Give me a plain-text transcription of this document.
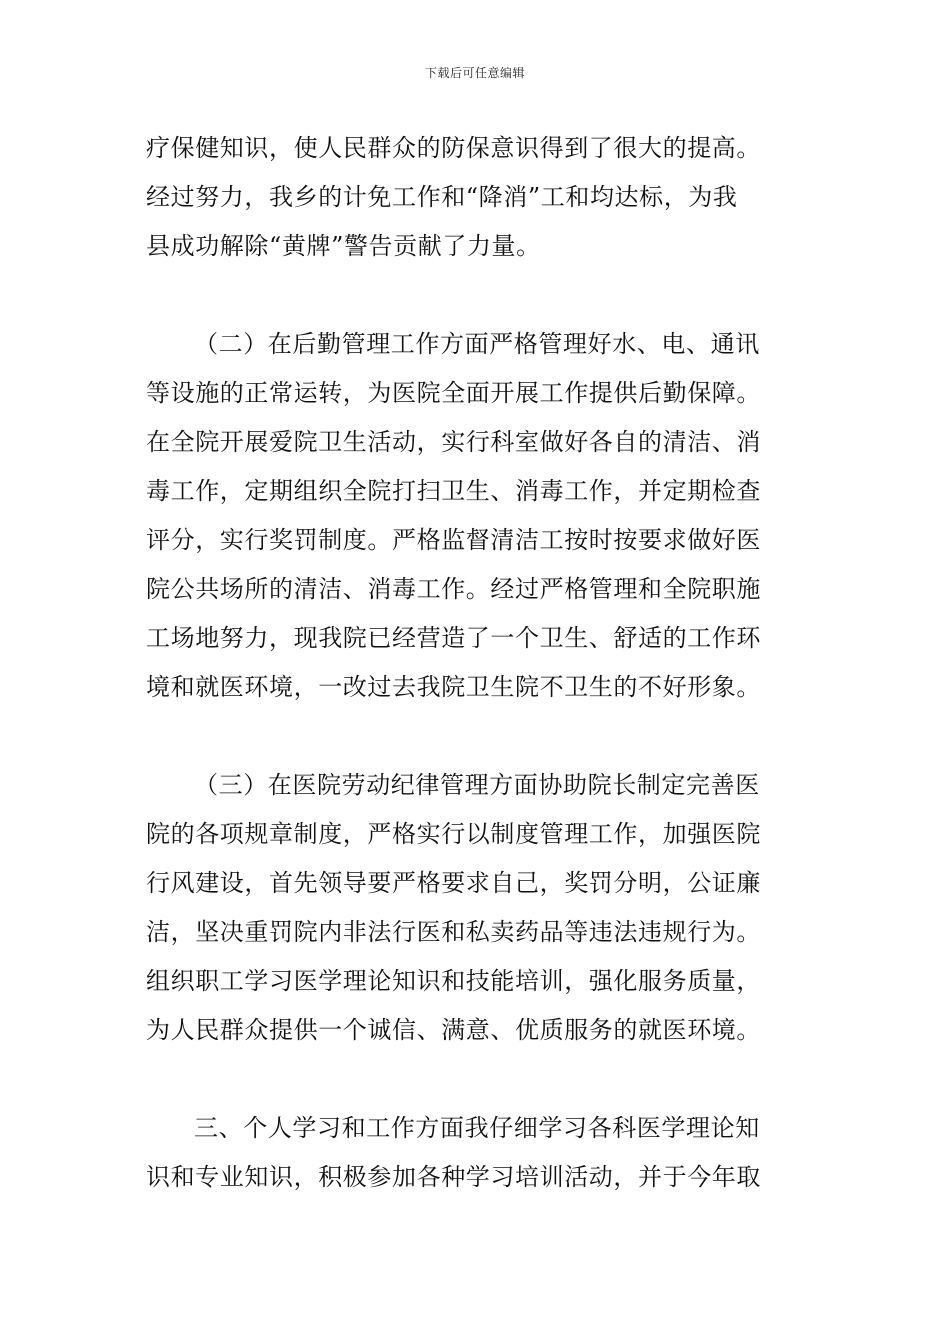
下载后可任意编辑
疗保健知识，使人民群众的防保意识得到了很大的提高。
经过努力，我乡的计免工作和“降消”工和均达标，为我
县成功解除“黄牌”警告贡献了力量。
（二）在后勤管理工作方面严格管理好水、电、通讯
等设施的正常运转，为医院全面开展工作提供后勤保障。
在全院开展爱院卫生活动，实行科室做好各自的清洁、消
毒工作，定期组织全院打扫卫生、消毒工作，并定期检查
评分，实行奖罚制度。严格监督清洁工按时按要求做好医
院公共场所的清洁、消毒工作。经过严格管理和全院职施
工场地努力，现我院已经营造了一个卫生、舒适的工作环
境和就医环境，一改过去我院卫生院不卫生的不好形象。
（三）在医院劳动纪律管理方面协助院长制定完善医
院的各项规章制度，严格实行以制度管理工作，加强医院
行风建设，首先领导要严格要求自己，奖罚分明，公证廉
洁，坚决重罚院内非法行医和私卖药品等违法违规行为。
组织职工学习医学理论知识和技能培训，强化服务质量，
为人民群众提供一个诚信、满意、优质服务的就医环境。
三、个人学习和工作方面我仔细学习各科医学理论知
识和专业知识，积极参加各种学习培训活动，并于今年取
